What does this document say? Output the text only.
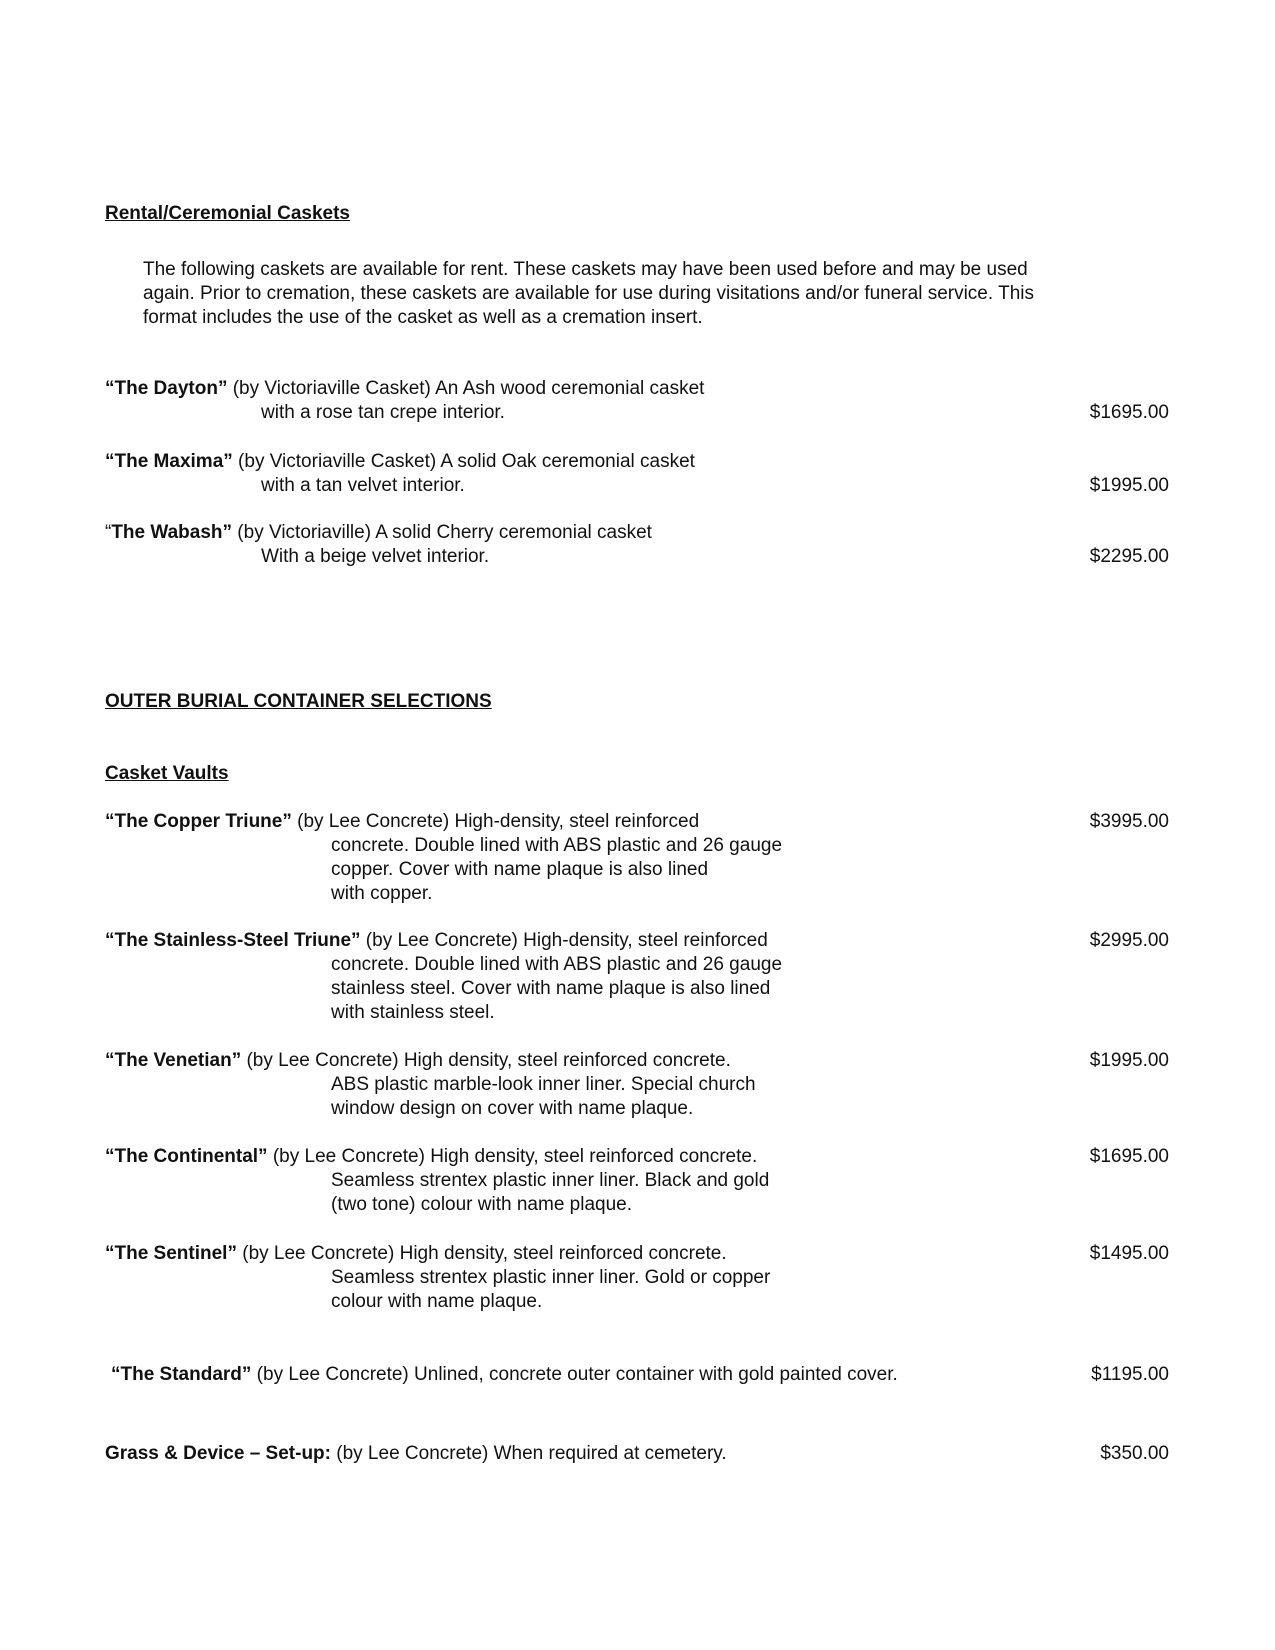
Rental/Ceremonial Caskets
The following caskets are available for rent. These caskets may have been used before and may be used
again. Prior to cremation, these caskets are available for use during visitations and/or funeral service. This
format includes the use of the casket as well as a cremation insert.
“The Dayton” (by Victoriaville Casket) An Ash wood ceremonial casket
with a rose tan crepe interior.	$1695.00
“The Maxima” (by Victoriaville Casket) A solid Oak ceremonial casket
with a tan velvet interior.	$1995.00
“The Wabash” (by Victoriaville) A solid Cherry ceremonial casket
With a beige velvet interior.	$2295.00
OUTER BURIAL CONTAINER SELECTIONS
Casket Vaults
“The Copper Triune” (by Lee Concrete) High-density, steel reinforced
concrete. Double lined with ABS plastic and 26 gauge
copper. Cover with name plaque is also lined
with copper.
$3995.00
“The Stainless-Steel Triune” (by Lee Concrete) High-density, steel reinforced
concrete. Double lined with ABS plastic and 26 gauge
stainless steel. Cover with name plaque is also lined
with stainless steel.
$2995.00
“The Venetian” (by Lee Concrete) High density, steel reinforced concrete.
ABS plastic marble-look inner liner. Special church
window design on cover with name plaque.
$1995.00
“The Continental” (by Lee Concrete) High density, steel reinforced concrete.
Seamless strentex plastic inner liner. Black and gold
(two tone) colour with name plaque.
$1695.00
“The Sentinel” (by Lee Concrete) High density, steel reinforced concrete.
Seamless strentex plastic inner liner. Gold or copper
colour with name plaque.
$1495.00
“The Standard” (by Lee Concrete) Unlined, concrete outer container with gold painted cover.	$1195.00
Grass & Device – Set-up: (by Lee Concrete) When required at cemetery.	$350.00
